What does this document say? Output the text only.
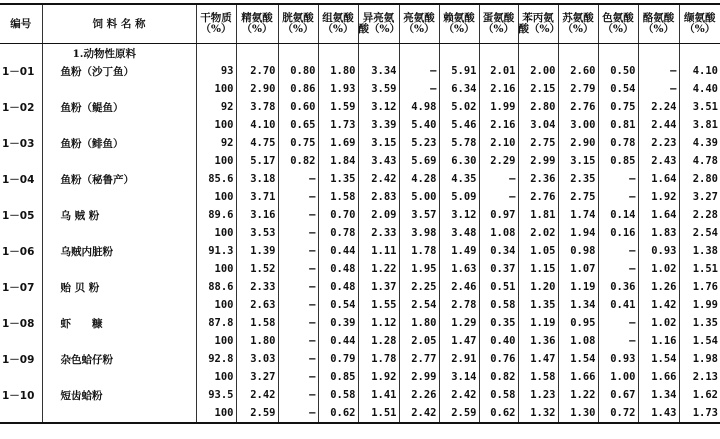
编号	饲 料 名 称	干物质（%）	精氨酸（%）	胱氨酸（%）	组氨酸（%）	异亮氨酸（%）	亮氨酸（%）	赖氨酸（%）	蛋氨酸（%）	苯丙氨酸（%）	苏氨酸（%）	色氨酸（%）	酪氨酸（%）	缬氨酸（%）
	1.动物性原料													
1－01	鱼粉（沙丁鱼）	93	2.70	0.80	1.80	3.34	—	5.91	2.01	2.00	2.60	0.50	—	4.10
		100	2.90	0.86	1.93	3.59	—	6.34	2.16	2.15	2.79	0.54	—	4.40
1－02	鱼粉（鳀鱼）	92	3.78	0.60	1.59	3.12	4.98	5.02	1.99	2.80	2.76	0.75	2.24	3.51
		100	4.10	0.65	1.73	3.39	5.40	5.46	2.16	3.04	3.00	0.81	2.44	3.81
1－03	鱼粉（鲱鱼）	92	4.75	0.75	1.69	3.15	5.23	5.78	2.10	2.75	2.90	0.78	2.23	4.39
		100	5.17	0.82	1.84	3.43	5.69	6.30	2.29	2.99	3.15	0.85	2.43	4.78
1－04	鱼粉（秘鲁产）	85.6	3.18	—	1.35	2.42	4.28	4.35	—	2.36	2.35	—	1.64	2.80
		100	3.71	—	1.58	2.83	5.00	5.09	—	2.76	2.75	—	1.92	3.27
1－05	乌 贼 粉	89.6	3.16	—	0.70	2.09	3.57	3.12	0.97	1.81	1.74	0.14	1.64	2.28
		100	3.53	—	0.78	2.33	3.98	3.48	1.08	2.02	1.94	0.16	1.83	2.54
1－06	乌贼内脏粉	91.3	1.39	—	0.44	1.11	1.78	1.49	0.34	1.05	0.98	—	0.93	1.38
		100	1.52	—	0.48	1.22	1.95	1.63	0.37	1.15	1.07	—	1.02	1.51
1－07	贻 贝 粉	88.6	2.33	—	0.48	1.37	2.25	2.46	0.51	1.20	1.19	0.36	1.26	1.76
		100	2.63	—	0.54	1.55	2.54	2.78	0.58	1.35	1.34	0.41	1.42	1.99
1－08	虾　　糠	87.8	1.58	—	0.39	1.12	1.80	1.29	0.35	1.19	0.95	—	1.02	1.35
		100	1.80	—	0.44	1.28	2.05	1.47	0.40	1.36	1.08	—	1.16	1.54
1－09	杂色蛤仔粉	92.8	3.03	—	0.79	1.78	2.77	2.91	0.76	1.47	1.54	0.93	1.54	1.98
		100	3.27	—	0.85	1.92	2.99	3.14	0.82	1.58	1.66	1.00	1.66	2.13
1－10	短齿蛤粉	93.5	2.42	—	0.58	1.41	2.26	2.42	0.58	1.23	1.22	0.67	1.34	1.62
		100	2.59	—	0.62	1.51	2.42	2.59	0.62	1.32	1.30	0.72	1.43	1.73
